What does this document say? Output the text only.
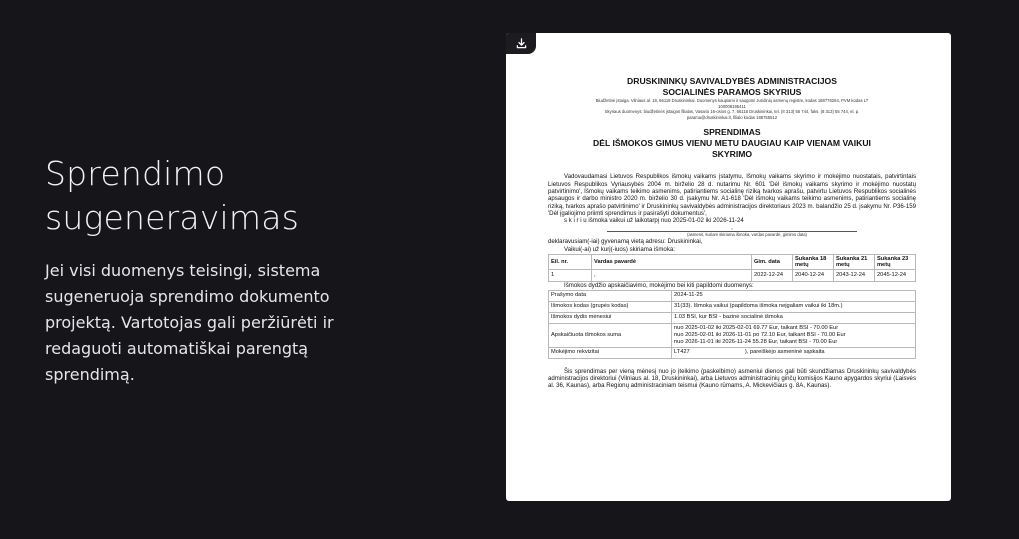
Sprendimo
sugeneravimas

Jei visi duomenys teisingi, sistema sugeneruoja sprendimo dokumento projektą. Vartotojas gali peržiūrėti ir redaguoti automatiškai parengtą sprendimą.

DRUSKININKŲ SAVIVALDYBĖS ADMINISTRACIJOS
SOCIALINĖS PARAMOS SKYRIUS
Biudžetinė įstaiga. Vilniaus al. 18, 66119 Druskininkai. Duomenys kaupiami ir saugomi Juridinių asmenų registre, kodas 188776264, PVM kodas LT
100006195411
Skyriaus duomenys: biudžetinės įstaigos filialas, Vasario 16-osios g. 7, 66118 Druskininkai, tel. (8 313) 55 744, faks. (8 313) 55 744, el. p.
parama@druskininkai.lt, filialo kodas 188755512
SPRENDIMAS
DĖL IŠMOKOS GIMUS VIENU METU DAUGIAU KAIP VIENAM VAIKUI
SKYRIMO

Vadovaudamasi Lietuvos Respublikos išmokų vaikams įstatymu, Išmokų vaikams skyrimo ir mokėjimo nuostatais, patvirtintais Lietuvos Respublikos Vyriausybės 2004 m. birželio 28 d. nutarimu Nr. 601 'Dėl išmokų vaikams skyrimo ir mokėjimo nuostatų patvirtinimo', Išmokų vaikams teikimo asmenims, patiriantiems socialinę riziką tvarkos aprašu, patvirtu Lietuvos Respublikos socialinės apsaugos ir darbo ministro 2020 m. birželio 30 d. įsakymu Nr. A1-618 'Dėl išmokų vaikams teikimo asmenims, patiriantiems socialinę riziką, tvarkos aprašo patvirtinimo' ir Druskininkų savivaldybės administracijos direktoriaus 2023 m. balandžio 25 d. įsakymu Nr. P36-159 'Dėl įgaliojimo priimti sprendimus ir pasirašyti dokumentus',

s k i r i u išmoka vaikui už laikotarpį nuo 2025-01-02 iki 2026-11-24
,
(asmens, kuriam skiriama išmoka, vardas pavardė, gimimo data)
deklaravusiam(-iai) gyvenamą vietą adresu: Druskininkai,
Vaikui(-ai) už kurį(-iuos) skiriama išmoka:
Eil. nr.	Vardas pavardė	Gim. data	Sukanka 18 metų	Sukanka 21 metų	Sukanka 23 metų
1	,	2022-12-24	2040-12-24	2043-12-24	2045-12-24
Išmokos dydžio apskaičiavimo, mokėjimo bei kiti papildomi duomenys:
Prašymo data	2024-11-25
Išmokos kodas (grupės kodas)	31(33). Išmoka vaikui (papildoma išmoka neįgaliam vaikui iki 18m.)
Išmokos dydis mėnesiui	1.03 BSI, kur BSI - bazinė socialinė išmoka
Apskaičiuota išmokos suma	nuo 2025-01-02 iki 2025-02-01 69.77 Eur, taikant BSI - 70.00 Eur
nuo 2025-02-01 iki 2026-11-01 po 72.10 Eur, taikant BSI - 70.00 Eur
nuo 2026-11-01 iki 2026-11-24 55.28 Eur, taikant BSI - 70.00 Eur

Mokėjimo rekvizitai	LT427 ), pareiškėjo asmeninė sąskaita

Šis sprendimas per vieną mėnesį nuo jo įteikimo (paskelbimo) asmeniui dienos gali būti skundžiamas Druskininkų savivaldybės administracijos direktoriui (Vilniaus al. 18, Druskininkai), arba Lietuvos administracinių ginčų komisijos Kauno apygardos skyriui (Laisvės al. 36, Kaunas), arba Regionų administraciniam teismui (Kauno rūmams, A. Mickevičiaus g. 8A, Kaunas).
